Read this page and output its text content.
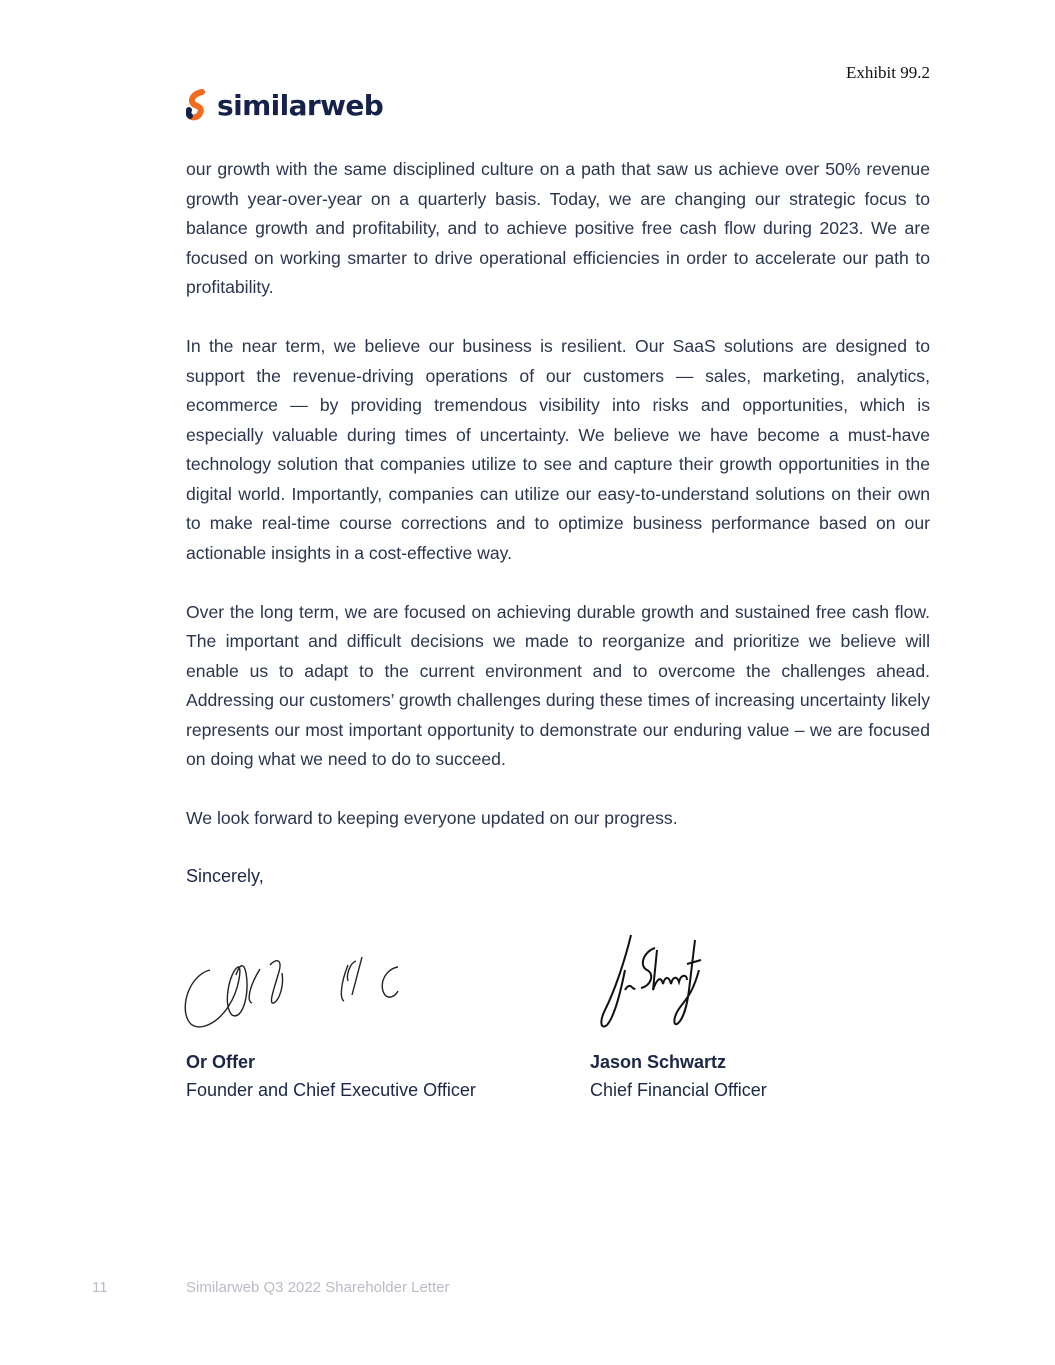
Exhibit 99.2
similarweb

our growth with the same disciplined culture on a path that saw us achieve over 50% revenue growth year-over-year on a quarterly basis. Today, we are changing our strategic focus to balance growth and profitability, and to achieve positive free cash flow during 2023. We are focused on working smarter to drive operational efficiencies in order to accelerate our path to profitability.

In the near term, we believe our business is resilient. Our SaaS solutions are designed to support the revenue-driving operations of our customers — sales, marketing, analytics, ecommerce — by providing tremendous visibility into risks and opportunities, which is especially valuable during times of uncertainty. We believe we have become a must-have technology solution that companies utilize to see and capture their growth opportunities in the digital world. Importantly, companies can utilize our easy-to-understand solutions on their own to make real-time course corrections and to optimize business performance based on our actionable insights in a cost-effective way.

Over the long term, we are focused on achieving durable growth and sustained free cash flow. The important and difficult decisions we made to reorganize and prioritize we believe will enable us to adapt to the current environment and to overcome the challenges ahead. Addressing our customers’ growth challenges during these times of increasing uncertainty likely represents our most important opportunity to demonstrate our enduring value – we are focused on doing what we need to do to succeed.

We look forward to keeping everyone updated on our progress.

Sincerely,
Or Offer
Founder and Chief Executive Officer
Jason Schwartz
Chief Financial Officer
11	Similarweb Q3 2022 Shareholder Letter
